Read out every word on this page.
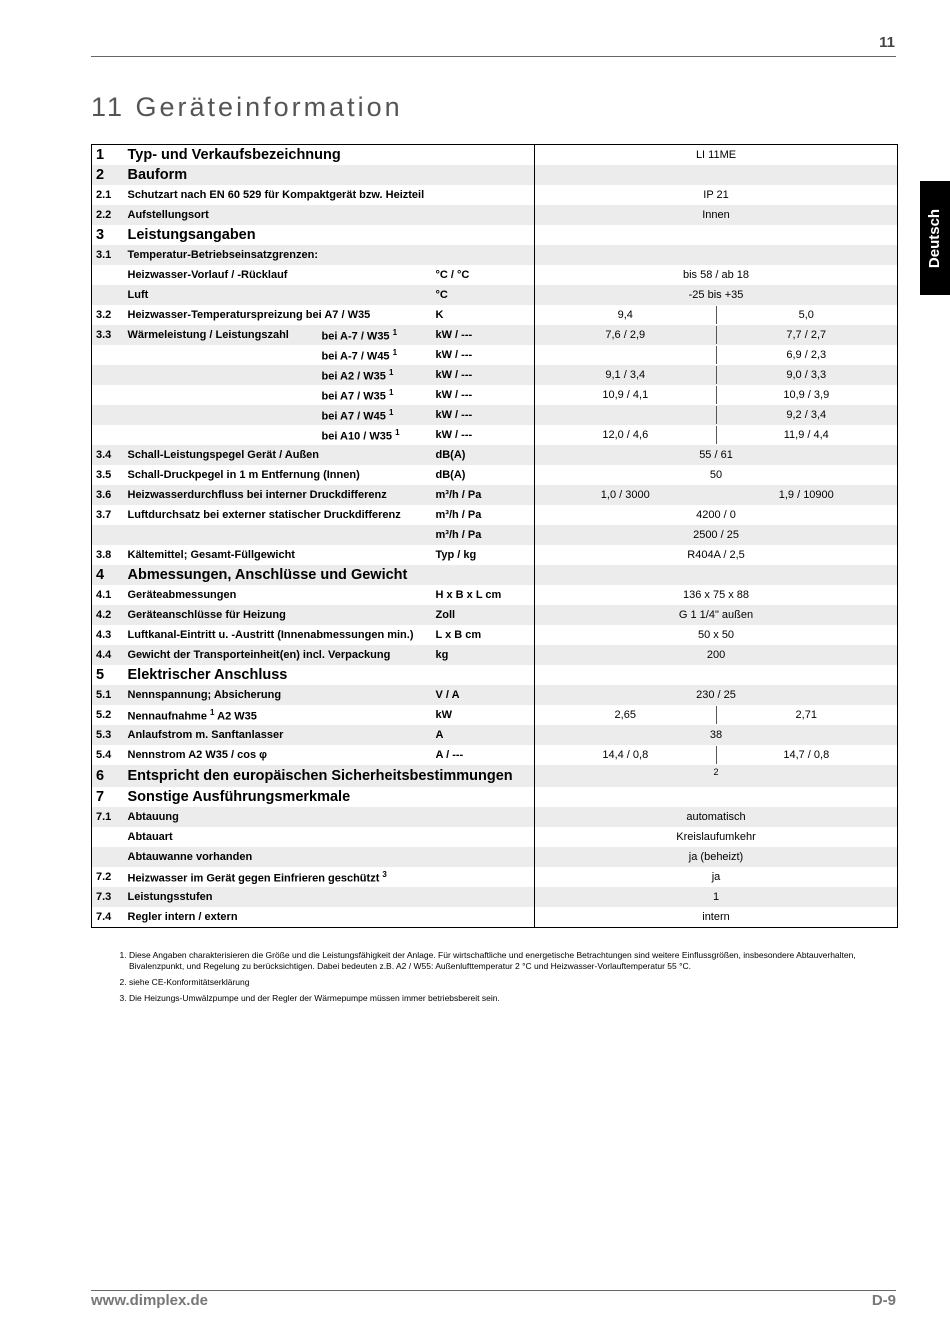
11
11 Geräteinformation
Deutsch
1	Typ- und Verkaufsbezeichnung			LI 11ME	
2	Bauform				
2.1	Schutzart nach EN 60 529 für Kompaktgerät bzw. Heizteil			IP 21	
2.2	Aufstellungsort			Innen	
3	Leistungsangaben				
3.1	Temperatur-Betriebseinsatzgrenzen:				
	Heizwasser-Vorlauf / -Rücklauf		°C / °C	bis 58 / ab 18	
	Luft		°C	-25 bis +35	
3.2	Heizwasser-Temperaturspreizung bei A7 / W35		K	9,4	5,0
3.3	Wärmeleistung / Leistungszahl	bei A-7 / W35 $^1$	kW / ---	7,6 / 2,9	7,7 / 2,7
		bei A-7 / W45 $^1$	kW / ---		6,9 / 2,3
		bei A2 / W35 $^1$	kW / ---	9,1 / 3,4	9,0 / 3,3
		bei A7 / W35 $^1$	kW / ---	10,9 / 4,1	10,9 / 3,9
		bei A7 / W45 $^1$	kW / ---		9,2 / 3,4
		bei A10 / W35 $^1$	kW / ---	12,0 / 4,6	11,9 / 4,4
3.4	Schall-Leistungspegel Gerät / Außen		dB(A)	55 / 61	
3.5	Schall-Druckpegel in 1 m Entfernung (Innen)		dB(A)	50	
3.6	Heizwasserdurchfluss bei interner Druckdifferenz		m³/h / Pa	1,0 / 3000	1,9 / 10900
3.7	Luftdurchsatz bei externer statischer Druckdifferenz		m³/h / Pa	4200 / 0	
			m³/h / Pa	2500 / 25	
3.8	Kältemittel; Gesamt-Füllgewicht		Typ / kg	R404A / 2,5	
4	Abmessungen, Anschlüsse und Gewicht				
4.1	Geräteabmessungen		H x B x L cm	136 x 75 x 88	
4.2	Geräteanschlüsse für Heizung		Zoll	G 1 1/4" außen	
4.3	Luftkanal-Eintritt u. -Austritt (Innenabmessungen min.)		L x B cm	50 x 50	
4.4	Gewicht der Transporteinheit(en) incl. Verpackung		kg	200	
5	Elektrischer Anschluss				
5.1	Nennspannung; Absicherung		V / A	230 / 25	
5.2	Nennaufnahme $^1$ A2 W35		kW	2,65	2,71
5.3	Anlaufstrom m. Sanftanlasser		A	38	
5.4	Nennstrom A2 W35 / cos φ		A / ---	14,4 / 0,8	14,7 / 0,8
6	Entspricht den europäischen Sicherheitsbestimmungen			2	
7	Sonstige Ausführungsmerkmale				
7.1	Abtauung			automatisch	
	Abtauart			Kreislaufumkehr	
	Abtauwanne vorhanden			ja (beheizt)	
7.2	Heizwasser im Gerät gegen Einfrieren geschützt $^3$			ja	
7.3	Leistungsstufen			1	
7.4	Regler intern / extern			intern	
1. Diese Angaben charakterisieren die Größe und die Leistungsfähigkeit der Anlage. Für wirtschaftliche und energetische Betrachtungen sind weitere Einflussgrößen, insbesondere Abtauverhalten, Bivalenzpunkt, und Regelung zu berücksichtigen. Dabei bedeuten z.B. A2 / W55: Außenlufttemperatur 2 °C und Heizwasser-Vorlauftemperatur 55 °C.
2. siehe CE-Konformitätserklärung
3. Die Heizungs-Umwälzpumpe und der Regler der Wärmepumpe müssen immer betriebsbereit sein.
www.dimplex.de	D-9
